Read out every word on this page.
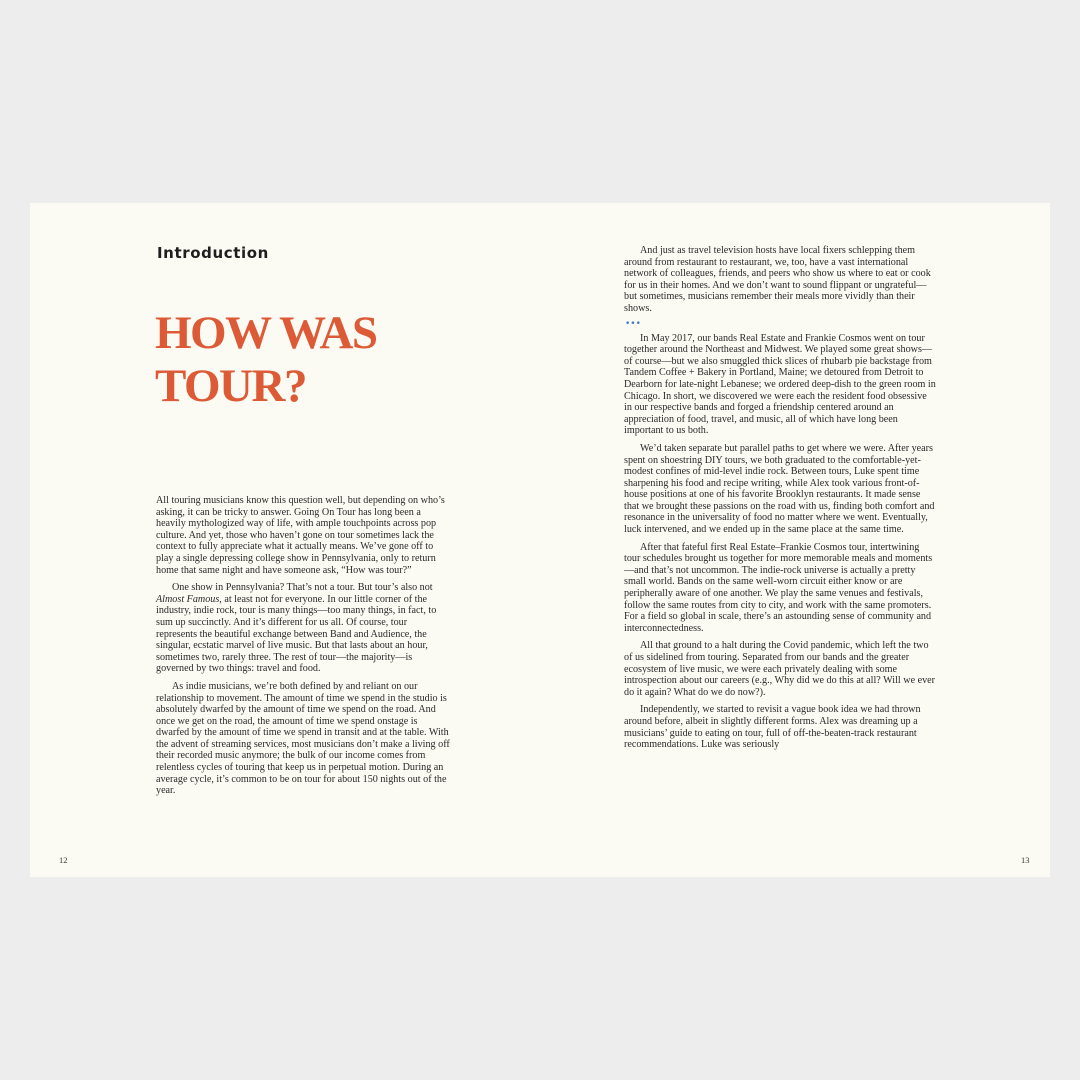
Introduction
HOW WAS
TOUR?

All touring musicians know this question well, but depending on who’s asking, it can be tricky to answer. Going On Tour has long been a heavily mythologized way of life, with ample touchpoints across pop culture. And yet, those who haven’t gone on tour sometimes lack the context to fully appreciate what it actually means. We’ve gone off to play a single depressing college show in Pennsylvania, only to return home that same night and have someone ask, “How was tour?”

One show in Pennsylvania? That’s not a tour. But tour’s also not Almost Famous, at least not for everyone. In our little corner of the industry, indie rock, tour is many things—too many things, in fact, to sum up succinctly. And it’s different for us all. Of course, tour represents the beautiful exchange between Band and Audience, the singular, ecstatic marvel of live music. But that lasts about an hour, sometimes two, rarely three. The rest of tour—the majority—is governed by two things: travel and food.

As indie musicians, we’re both defined by and reliant on our relationship to movement. The amount of time we spend in the studio is absolutely dwarfed by the amount of time we spend on the road. And once we get on the road, the amount of time we spend onstage is dwarfed by the amount of time we spend in transit and at the table. With the advent of streaming services, most musicians don’t make a living off their recorded music anymore; the bulk of our income comes from relentless cycles of touring that keep us in perpetual motion. During an average cycle, it’s common to be on tour for about 150 nights out of the year.

12

And just as travel television hosts have local fixers schlepping them around from restaurant to restaurant, we, too, have a vast international network of colleagues, friends, and peers who show us where to eat or cook for us in their homes. And we don’t want to sound flippant or ungrateful—but sometimes, musicians remember their meals more vividly than their shows.

•••

In May 2017, our bands Real Estate and Frankie Cosmos went on tour together around the Northeast and Midwest. We played some great shows—of course—but we also smuggled thick slices of rhubarb pie backstage from Tandem Coffee + Bakery in Portland, Maine; we detoured from Detroit to Dearborn for late-night Lebanese; we ordered deep-dish to the green room in Chicago. In short, we discovered we were each the resident food obsessive in our respective bands and forged a friendship centered around an appreciation of food, travel, and music, all of which have long been important to us both.

We’d taken separate but parallel paths to get where we were. After years spent on shoestring DIY tours, we both graduated to the comfortable-yet-modest confines of mid-level indie rock. Between tours, Luke spent time sharpening his food and recipe writing, while Alex took various front-of-house positions at one of his favorite Brooklyn restaurants. It made sense that we brought these passions on the road with us, finding both comfort and resonance in the universality of food no matter where we went. Eventually, luck intervened, and we ended up in the same place at the same time.

After that fateful first Real Estate–Frankie Cosmos tour, intertwining tour schedules brought us together for more memorable meals and moments—and that’s not uncommon. The indie-rock universe is actually a pretty small world. Bands on the same well-worn circuit either know or are peripherally aware of one another. We play the same venues and festivals, follow the same routes from city to city, and work with the same promoters. For a field so global in scale, there’s an astounding sense of community and interconnectedness.

All that ground to a halt during the Covid pandemic, which left the two of us sidelined from touring. Separated from our bands and the greater ecosystem of live music, we were each privately dealing with some introspection about our careers (e.g., Why did we do this at all? Will we ever do it again? What do we do now?).

Independently, we started to revisit a vague book idea we had thrown around before, albeit in slightly different forms. Alex was dreaming up a musicians’ guide to eating on tour, full of off-the-beaten-track restaurant recommendations. Luke was seriously

13
